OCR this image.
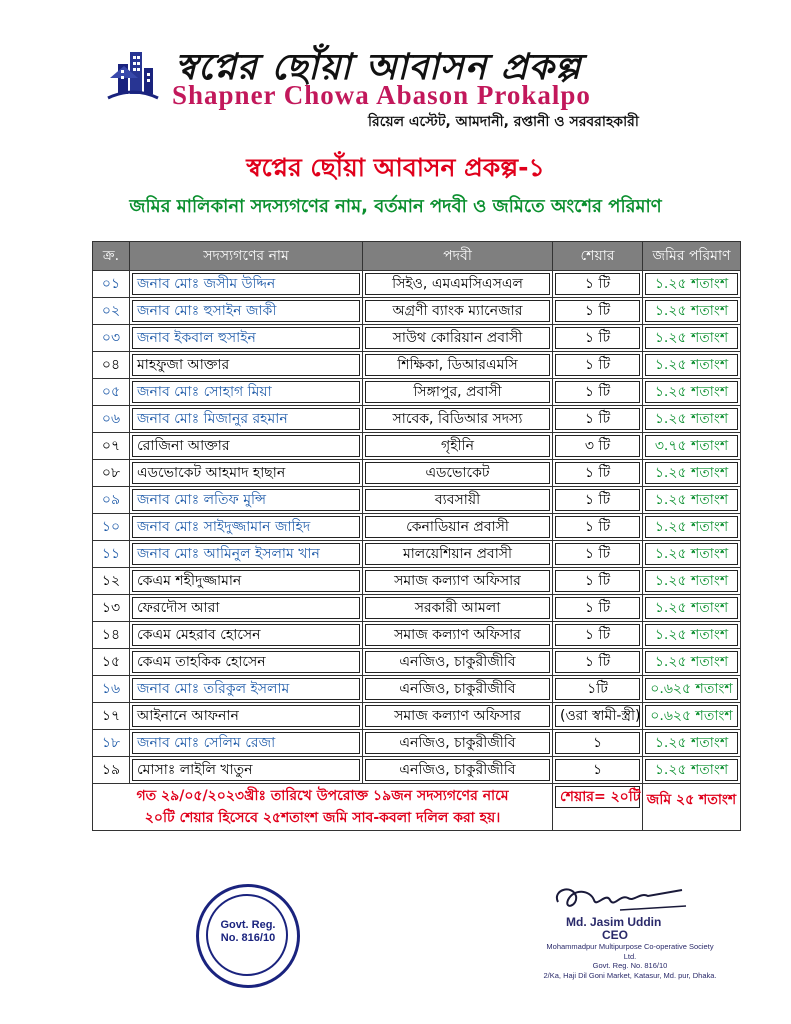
স্বপ্নের ছোঁয়া আবাসন প্রকল্প
Shapner Chowa Abason Prokalpo
রিয়েল এস্টেট, আমদানী, রপ্তানী ও সরবরাহকারী
স্বপ্নের ছোঁয়া আবাসন প্রকল্প-১
জমির মালিকানা সদস্যগণের নাম, বর্তমান পদবী ও জমিতে অংশের পরিমাণ
ক্র.	সদস্যগণের নাম	পদবী	শেয়ার	জমির পরিমাণ
০১	জনাব মোঃ জসীম উদ্দিন	সিইও, এমএমসিএসএল	১ টি	১.২৫ শতাংশ

০২	জনাব মোঃ হুসাইন জাকী	অগ্রণী ব্যাংক ম্যানেজার	১ টি	১.২৫ শতাংশ

০৩	জনাব ইকবাল হুসাইন	সাউথ কোরিয়ান প্রবাসী	১ টি	১.২৫ শতাংশ

০৪	মাহফুজা আক্তার	শিক্ষিকা, ডিআরএমসি	১ টি	১.২৫ শতাংশ

০৫	জনাব মোঃ সোহাগ মিয়া	সিঙ্গাপুর, প্রবাসী	১ টি	১.২৫ শতাংশ

০৬	জনাব মোঃ মিজানুর রহমান	সাবেক, বিডিআর সদস্য	১ টি	১.২৫ শতাংশ

০৭	রোজিনা আক্তার	গৃহীনি	৩ টি	৩.৭৫ শতাংশ

০৮	এডভোকেট আহমাদ হাছান	এডভোকেট	১ টি	১.২৫ শতাংশ

০৯	জনাব মোঃ লতিফ মুন্সি	ব্যবসায়ী	১ টি	১.২৫ শতাংশ

১০	জনাব মোঃ সাইদুজ্জামান জাহিদ	কেনাডিয়ান প্রবাসী	১ টি	১.২৫ শতাংশ

১১	জনাব মোঃ আমিনুল ইসলাম খান	মালয়েশিয়ান প্রবাসী	১ টি	১.২৫ শতাংশ

১২	কেএম শহীদুজ্জামান	সমাজ কল্যাণ অফিসার	১ টি	১.২৫ শতাংশ

১৩	ফেরদৌস আরা	সরকারী আমলা	১ টি	১.২৫ শতাংশ

১৪	কেএম মেহরাব হোসেন	সমাজ কল্যাণ অফিসার	১ টি	১.২৫ শতাংশ

১৫	কেএম তাহকিক হোসেন	এনজিও, চাকুরীজীবি	১ টি	১.২৫ শতাংশ

১৬	জনাব মোঃ তরিকুল ইসলাম	এনজিও, চাকুরীজীবি	১টি	০.৬২৫ শতাংশ

১৭	আইনানে আফনান	সমাজ কল্যাণ অফিসার	(ওরা স্বামী-স্ত্রী)	০.৬২৫ শতাংশ

১৮	জনাব মোঃ সেলিম রেজা	এনজিও, চাকুরীজীবি	১	১.২৫ শতাংশ

১৯	মোসাঃ লাইলি খাতুন	এনজিও, চাকুরীজীবি	১	১.২৫ শতাংশ

গত ২৯/০৫/২০২৩খ্রীঃ তারিখে উপরোক্ত ১৯জন সদস্যগণের নামে
২০টি শেয়ার হিসেবে ২৫শতাংশ জমি সাব-কবলা দলিল করা হয়।			শেয়ার= ২০টি	জমি ২৫ শতাংশ
Govt. Reg.
No. 816/10
Md. Jasim Uddin
CEO
Mohammadpur Multipurpose Co-operative Society Ltd.
Govt. Reg. No. 816/10
2/Ka, Haji Dil Goni Market, Katasur, Md. pur, Dhaka.
